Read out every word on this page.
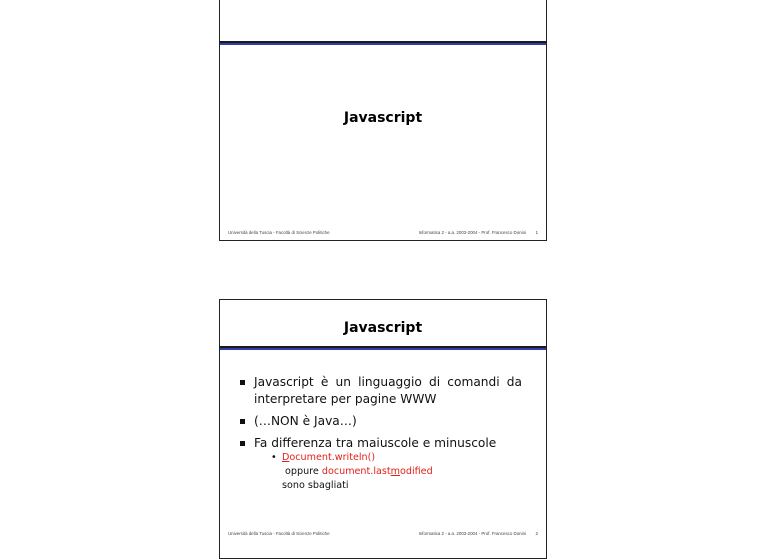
Javascript
Università della Tuscia - Facoltà di Scienze Politiche	Informatica 2 - a.a. 2003-2004 - Prof. Francesco Donini 1
Javascript
Javascript è un linguaggio di comandi da interpretare per pagine WWW
(…NON è Java…)
Fa differenza tra maiuscole e minuscole
• Document.writeln() oppure document.lastmodified
sono sbagliati
Università della Tuscia - Facoltà di Scienze Politiche	Informatica 2 - a.a. 2003-2004 - Prof. Francesco Donini 2
